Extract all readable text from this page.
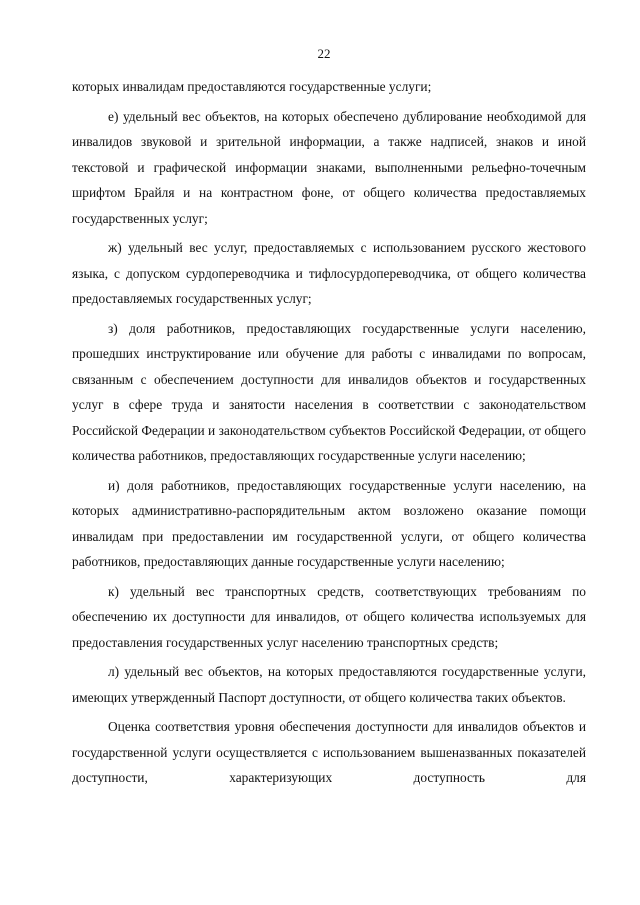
22

которых инвалидам предоставляются государственные услуги;

е) удельный вес объектов, на которых обеспечено дублирование необходимой для инвалидов звуковой и зрительной информации, а также надписей, знаков и иной текстовой и графической информации знаками, выполненными рельефно-точечным шрифтом Брайля и на контрастном фоне, от общего количества предоставляемых государственных услуг;

ж) удельный вес услуг, предоставляемых с использованием русского жестового языка, с допуском сурдопереводчика и тифлосурдопереводчика, от общего количества предоставляемых государственных услуг;

з) доля работников, предоставляющих государственные услуги населению, прошедших инструктирование или обучение для работы с инвалидами по вопросам, связанным с обеспечением доступности для инвалидов объектов и государственных услуг в сфере труда и занятости населения в соответствии с законодательством Российской Федерации и законодательством субъектов Российской Федерации, от общего количества работников, предоставляющих государственные услуги населению;

и) доля работников, предоставляющих государственные услуги населению, на которых административно-распорядительным актом возложено оказание помощи инвалидам при предоставлении им государственной услуги, от общего количества работников, предоставляющих данные государственные услуги населению;

к) удельный вес транспортных средств, соответствующих требованиям по обеспечению их доступности для инвалидов, от общего количества используемых для предоставления государственных услуг населению транспортных средств;

л) удельный вес объектов, на которых предоставляются государственные услуги, имеющих утвержденный Паспорт доступности, от общего количества таких объектов.

Оценка соответствия уровня обеспечения доступности для инвалидов объектов и государственной услуги осуществляется с использованием вышеназванных показателей доступности, характеризующих доступность для
